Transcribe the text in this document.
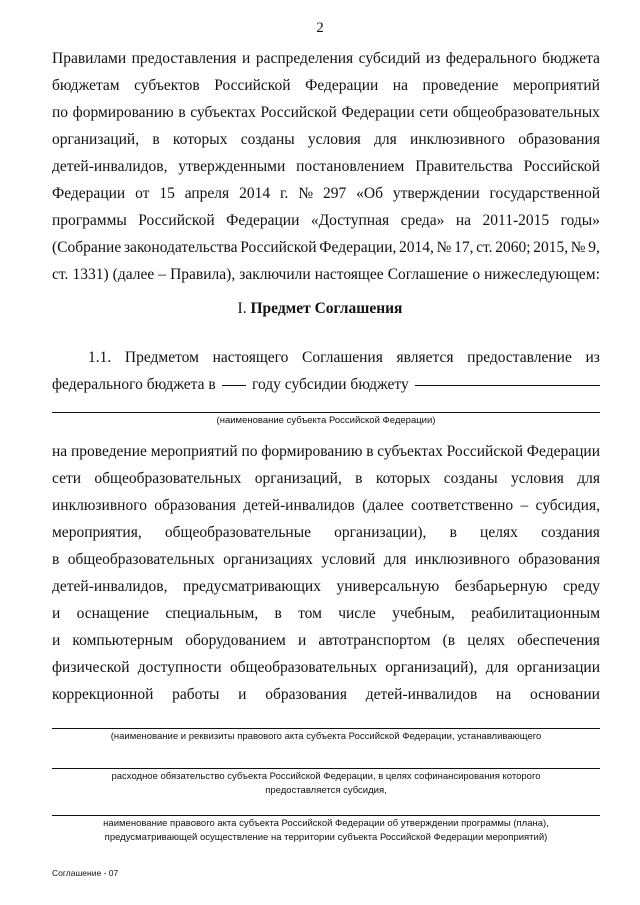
2
Правилами предоставления и распределения субсидий из федерального бюджета
бюджетам субъектов Российской Федерации на проведение мероприятий
по формированию в субъектах Российской Федерации сети общеобразовательных
организаций, в которых созданы условия для инклюзивного образования
детей-инвалидов, утвержденными постановлением Правительства Российской
Федерации от 15 апреля 2014 г. № 297 «Об утверждении государственной
программы Российской Федерации «Доступная среда» на 2011-2015 годы»
(Собрание законодательства Российской Федерации, 2014, № 17, ст. 2060; 2015, № 9,
ст. 1331) (далее – Правила), заключили настоящее Соглашение о нижеследующем:
I. Предмет Соглашения
1.1. Предметом настоящего Соглашения является предоставление из
федерального бюджета в году субсидии бюджету
(наименование субъекта Российской Федерации)
на проведение мероприятий по формированию в субъектах Российской Федерации
сети общеобразовательных организаций, в которых созданы условия для
инклюзивного образования детей-инвалидов (далее соответственно – субсидия,
мероприятия, общеобразовательные организации), в целях создания
в общеобразовательных организациях условий для инклюзивного образования
детей-инвалидов, предусматривающих универсальную безбарьерную среду
и оснащение специальным, в том числе учебным, реабилитационным
и компьютерным оборудованием и автотранспортом (в целях обеспечения
физической доступности общеобразовательных организаций), для организации
коррекционной работы и образования детей-инвалидов на основании
(наименование и реквизиты правового акта субъекта Российской Федерации, устанавливающего
расходное обязательство субъекта Российской Федерации, в целях софинансирования которого
предоставляется субсидия,
наименование правового акта субъекта Российской Федерации об утверждении программы (плана),
предусматривающей осуществление на территории субъекта Российской Федерации мероприятий)
Соглашение - 07
